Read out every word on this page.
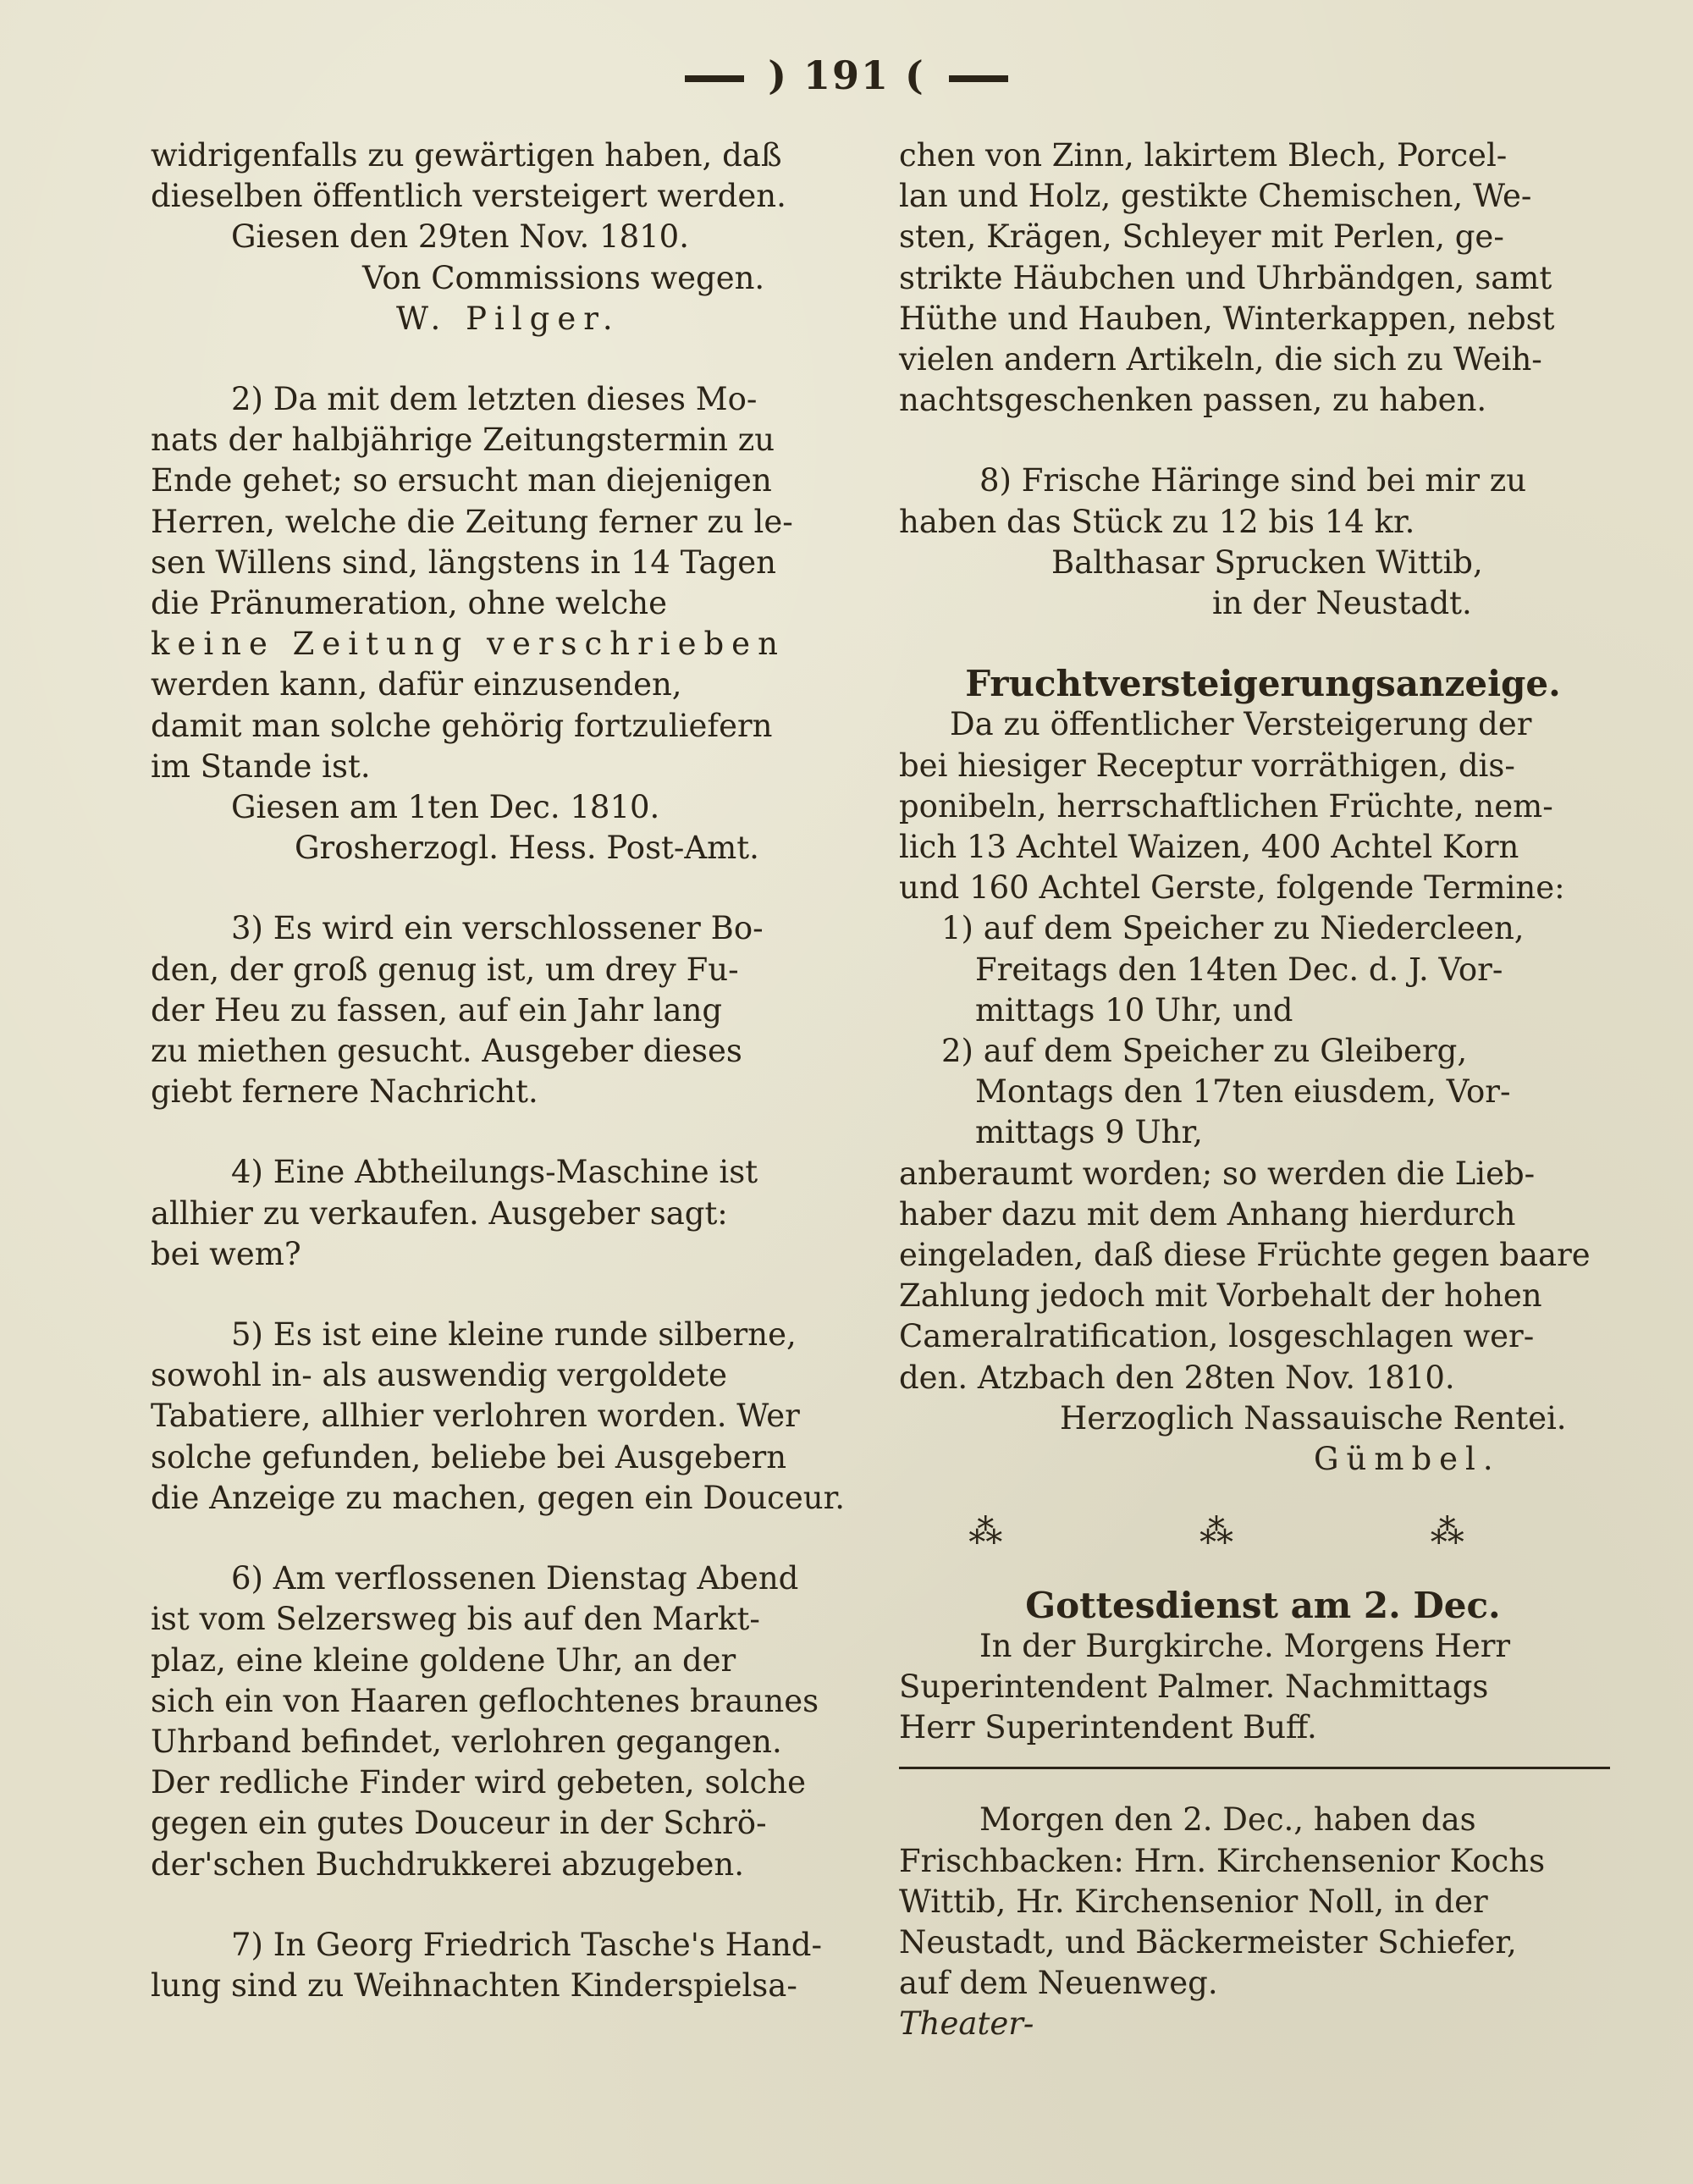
) 191 (

widrigenfalls zu gewärtigen haben, daß

dieselben öffentlich versteigert werden.

Giesen den 29ten Nov. 1810.

Von Commissions wegen.

W. Pilger.

2) Da mit dem letzten dieses Mo-

nats der halbjährige Zeitungstermin zu

Ende gehet; so ersucht man diejenigen

Herren, welche die Zeitung ferner zu le-

sen Willens sind, längstens in 14 Tagen

die Pränumeration, ohne welche

keine Zeitung verschrieben

werden kann, dafür einzusenden,

damit man solche gehörig fortzuliefern

im Stande ist.

Giesen am 1ten Dec. 1810.

Grosherzogl. Hess. Post-Amt.

3) Es wird ein verschlossener Bo-

den, der groß genug ist, um drey Fu-

der Heu zu fassen, auf ein Jahr lang

zu miethen gesucht. Ausgeber dieses

giebt fernere Nachricht.

4) Eine Abtheilungs-Maschine ist

allhier zu verkaufen. Ausgeber sagt:

bei wem?

5) Es ist eine kleine runde silberne,

sowohl in- als auswendig vergoldete

Tabatiere, allhier verlohren worden. Wer

solche gefunden, beliebe bei Ausgebern

die Anzeige zu machen, gegen ein Douceur.

6) Am verflossenen Dienstag Abend

ist vom Selzersweg bis auf den Markt-

plaz, eine kleine goldene Uhr, an der

sich ein von Haaren geflochtenes braunes

Uhrband befindet, verlohren gegangen.

Der redliche Finder wird gebeten, solche

gegen ein gutes Douceur in der Schrö-

der'schen Buchdrukkerei abzugeben.

7) In Georg Friedrich Tasche's Hand-

lung sind zu Weihnachten Kinderspielsa-

chen von Zinn, lakirtem Blech, Porcel-

lan und Holz, gestikte Chemischen, We-

sten, Krägen, Schleyer mit Perlen, ge-

strikte Häubchen und Uhrbändgen, samt

Hüthe und Hauben, Winterkappen, nebst

vielen andern Artikeln, die sich zu Weih-

nachtsgeschenken passen, zu haben.

8) Frische Häringe sind bei mir zu

haben das Stück zu 12 bis 14 kr.

Balthasar Sprucken Wittib,

in der Neustadt.

Fruchtversteigerungsanzeige.

Da zu öffentlicher Versteigerung der

bei hiesiger Receptur vorräthigen, dis-

ponibeln, herrschaftlichen Früchte, nem-

lich 13 Achtel Waizen, 400 Achtel Korn

und 160 Achtel Gerste, folgende Termine:

1) auf dem Speicher zu Niedercleen,

Freitags den 14ten Dec. d. J. Vor-

mittags 10 Uhr, und

2) auf dem Speicher zu Gleiberg,

Montags den 17ten eiusdem, Vor-

mittags 9 Uhr,

anberaumt worden; so werden die Lieb-

haber dazu mit dem Anhang hierdurch

eingeladen, daß diese Früchte gegen baare

Zahlung jedoch mit Vorbehalt der hohen

Cameralratification, losgeschlagen wer-

den. Atzbach den 28ten Nov. 1810.

Herzoglich Nassauische Rentei.

Gümbel.

⁂ ⁂ ⁂

Gottesdienst am 2. Dec.

In der Burgkirche. Morgens Herr

Superintendent Palmer. Nachmittags

Herr Superintendent Buff.

Morgen den 2. Dec., haben das

Frischbacken: Hrn. Kirchensenior Kochs

Wittib, Hr. Kirchensenior Noll, in der

Neustadt, und Bäckermeister Schiefer,

auf dem Neuenweg.

Theater-
